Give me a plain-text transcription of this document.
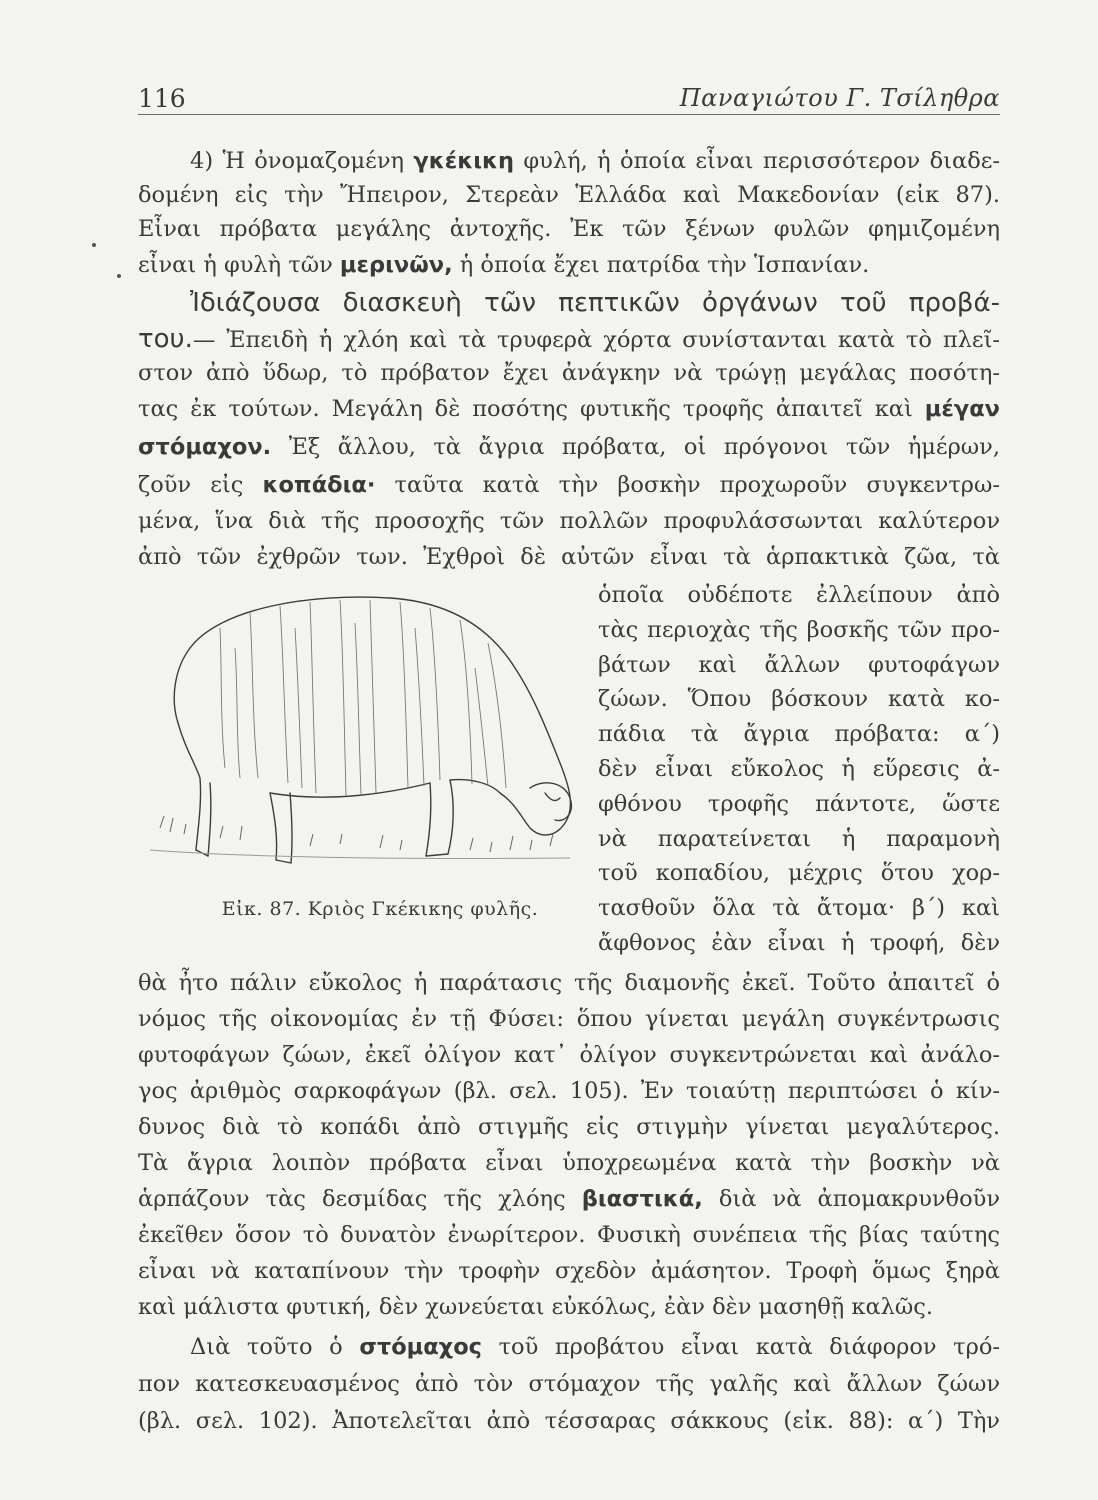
116	Παναγιώτου Γ. Τσίληθρα
4) Ἡ ὀνομαζομένη γκέκικη φυλή, ἡ ὁποία εἶναι περισσότερον διαδε-
δομένη εἰς τὴν Ἤπειρον, Στερεὰν Ἑλλάδα καὶ Μακεδονίαν (εἰκ 87).
Εἶναι πρόβατα μεγάλης ἀντοχῆς. Ἐκ τῶν ξένων φυλῶν φημιζομένη
εἶναι ἡ φυλὴ τῶν μερινῶν, ἡ ὁποία ἔχει πατρίδα τὴν Ἱσπανίαν.
Ἰδιάζουσα διασκευὴ τῶν πεπτικῶν ὀργάνων τοῦ προβά-
του.— Ἐπειδὴ ἡ χλόη καὶ τὰ τρυφερὰ χόρτα συνίστανται κατὰ τὸ πλεῖ-
στον ἀπὸ ὕδωρ, τὸ πρόβατον ἔχει ἀνάγκην νὰ τρώγῃ μεγάλας ποσότη-
τας ἐκ τούτων. Μεγάλη δὲ ποσότης φυτικῆς τροφῆς ἀπαιτεῖ καὶ μέγαν
στόμαχον. Ἐξ ἄλλου, τὰ ἄγρια πρόβατα, οἱ πρόγονοι τῶν ἡμέρων,
ζοῦν εἰς κοπάδια· ταῦτα κατὰ τὴν βοσκὴν προχωροῦν συγκεντρω-
μένα, ἵνα διὰ τῆς προσοχῆς τῶν πολλῶν προφυλάσσωνται καλύτερον
ἀπὸ τῶν ἐχθρῶν των. Ἐχθροὶ δὲ αὐτῶν εἶναι τὰ ἁρπακτικὰ ζῶα, τὰ
ὁποῖα οὐδέποτε ἐλλείπουν ἀπὸ
τὰς περιοχὰς τῆς βοσκῆς τῶν προ-
βάτων καὶ ἄλλων φυτοφάγων
ζώων. Ὅπου βόσκουν κατὰ κο-
πάδια τὰ ἄγρια πρόβατα: α΄)
δὲν εἶναι εὔκολος ἡ εὕρεσις ἀ-
φθόνου τροφῆς πάντοτε, ὥστε
νὰ παρατείνεται ἡ παραμονὴ
τοῦ κοπαδίου, μέχρις ὅτου χορ-
τασθοῦν ὅλα τὰ ἄτομα· β΄) καὶ
ἄφθονος ἐὰν εἶναι ἡ τροφή, δὲν
θὰ ἦτο πάλιν εὔκολος ἡ παράτασις τῆς διαμονῆς ἐκεῖ. Τοῦτο ἀπαιτεῖ ὁ
νόμος τῆς οἰκονομίας ἐν τῇ Φύσει: ὅπου γίνεται μεγάλη συγκέντρωσις
φυτοφάγων ζώων, ἐκεῖ ὀλίγον κατ᾽ ὀλίγον συγκεντρώνεται καὶ ἀνάλο-
γος ἀριθμὸς σαρκοφάγων (βλ. σελ. 105). Ἐν τοιαύτῃ περιπτώσει ὁ κίν-
δυνος διὰ τὸ κοπάδι ἀπὸ στιγμῆς εἰς στιγμὴν γίνεται μεγαλύτερος.
Τὰ ἄγρια λοιπὸν πρόβατα εἶναι ὑποχρεωμένα κατὰ τὴν βοσκὴν νὰ
ἁρπάζουν τὰς δεσμίδας τῆς χλόης βιαστικά, διὰ νὰ ἀπομακρυνθοῦν
ἐκεῖθεν ὅσον τὸ δυνατὸν ἐνωρίτερον. Φυσικὴ συνέπεια τῆς βίας ταύτης
εἶναι νὰ καταπίνουν τὴν τροφὴν σχεδὸν ἀμάσητον. Τροφὴ ὅμως ξηρὰ
καὶ μάλιστα φυτική, δὲν χωνεύεται εὐκόλως, ἐὰν δὲν μασηθῇ καλῶς.
Διὰ τοῦτο ὁ στόμαχος τοῦ προβάτου εἶναι κατὰ διάφορον τρό-
πον κατεσκευασμένος ἀπὸ τὸν στόμαχον τῆς γαλῆς καὶ ἄλλων ζώων
(βλ. σελ. 102). Ἀποτελεῖται ἀπὸ τέσσαρας σάκκους (εἰκ. 88): α΄) Τὴν
Εἰκ. 87. Κριὸς Γκέκικης φυλῆς.
